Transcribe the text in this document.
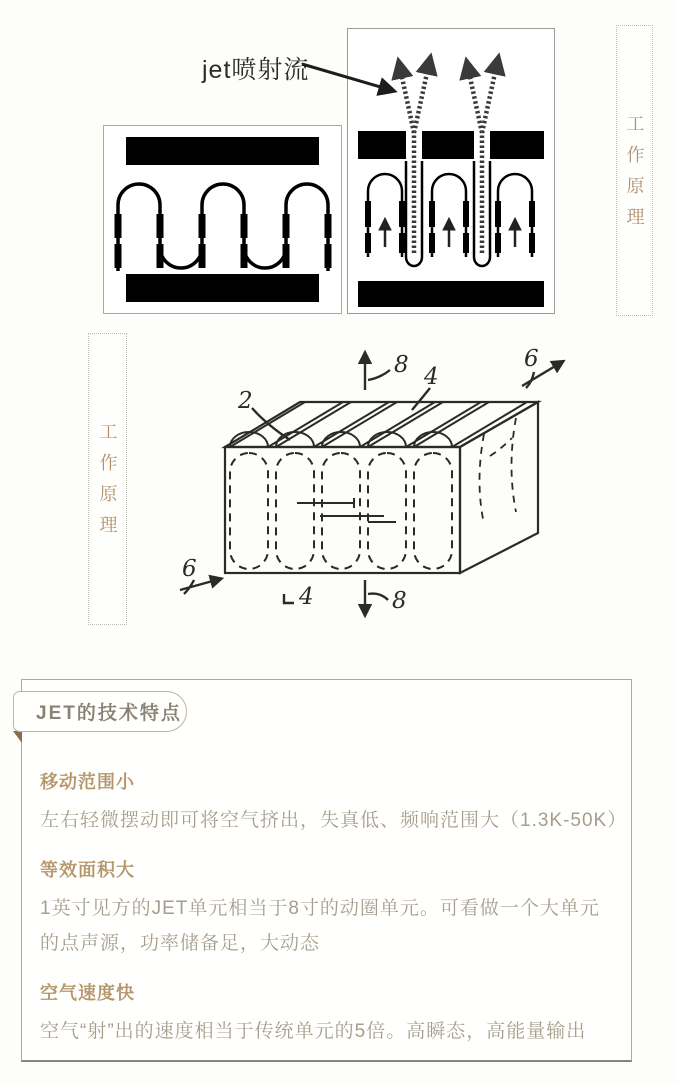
jet喷射流
工作原理
工作原理
2
8 4
6
6
4	8
JET的技术特点

移动范围小

左右轻微摆动即可将空气挤出，失真低、频响范围大（1.3K-50K）

等效面积大

1英寸见方的JET单元相当于8寸的动圈单元。可看做一个大单元的点声源，功率储备足，大动态

空气速度快

空气“射”出的速度相当于传统单元的5倍。高瞬态，高能量输出
